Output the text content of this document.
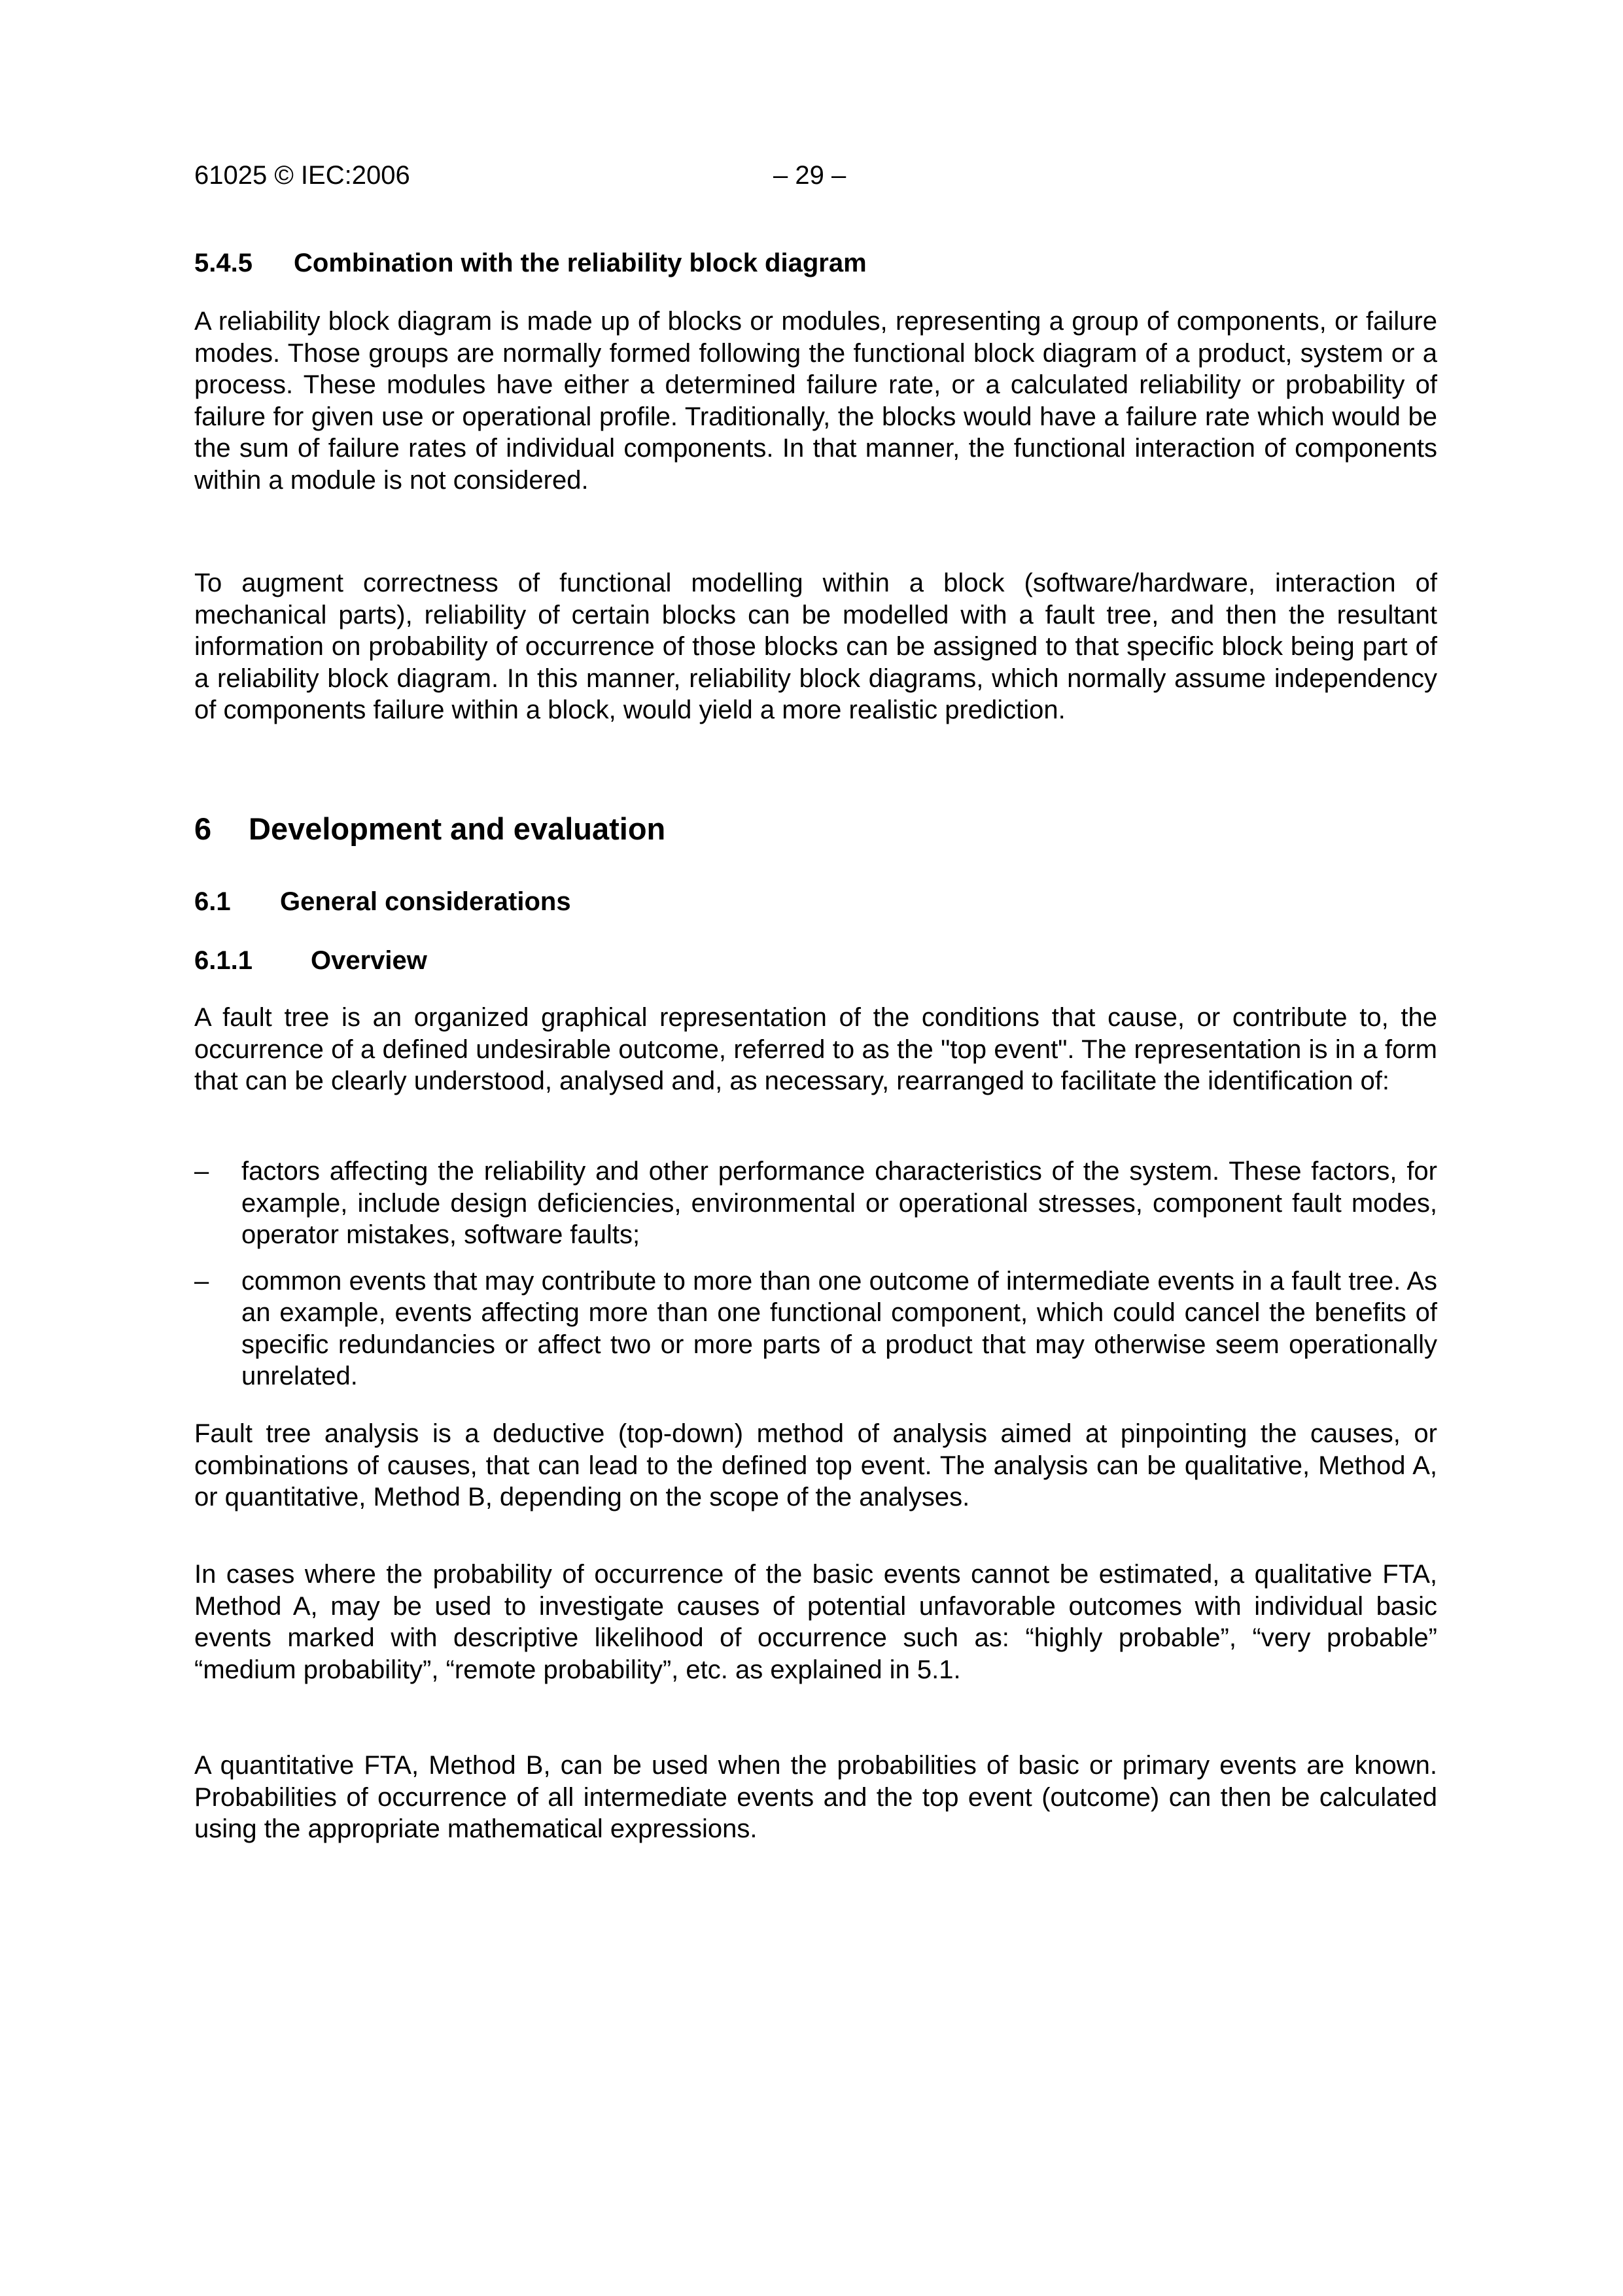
61025 © IEC:2006	– 29 –
5.4.5 Combination with the reliability block diagram

A reliability block diagram is made up of blocks or modules, representing a group of components, or failure modes. Those groups are normally formed following the functional block diagram of a product, system or a process. These modules have either a determined failure rate, or a calculated reliability or probability of failure for given use or operational profile. Traditionally, the blocks would have a failure rate which would be the sum of failure rates of individual components. In that manner, the functional interaction of components within a module is not considered.

To augment correctness of functional modelling within a block (software/hardware, interaction of mechanical parts), reliability of certain blocks can be modelled with a fault tree, and then the resultant information on probability of occurrence of those blocks can be assigned to that specific block being part of a reliability block diagram. In this manner, reliability block diagrams, which normally assume independency of components failure within a block, would yield a more realistic prediction.

6 Development and evaluation
6.1 General considerations
6.1.1 Overview

A fault tree is an organized graphical representation of the conditions that cause, or contribute to, the occurrence of a defined undesirable outcome, referred to as the "top event". The representation is in a form that can be clearly understood, analysed and, as necessary, rearranged to facilitate the identification of:

– factors affecting the reliability and other performance characteristics of the system. These factors, for example, include design deficiencies, environmental or operational stresses, component fault modes, operator mistakes, software faults;
– common events that may contribute to more than one outcome of intermediate events in a fault tree. As an example, events affecting more than one functional component, which could cancel the benefits of specific redundancies or affect two or more parts of a product that may otherwise seem operationally unrelated.

Fault tree analysis is a deductive (top-down) method of analysis aimed at pinpointing the causes, or combinations of causes, that can lead to the defined top event. The analysis can be qualitative, Method A, or quantitative, Method B, depending on the scope of the analyses.

In cases where the probability of occurrence of the basic events cannot be estimated, a qualitative FTA, Method A, may be used to investigate causes of potential unfavorable outcomes with individual basic events marked with descriptive likelihood of occurrence such as: “highly probable”, “very probable” “medium probability”, “remote probability”, etc. as explained in 5.1.

A quantitative FTA, Method B, can be used when the probabilities of basic or primary events are known. Probabilities of occurrence of all intermediate events and the top event (outcome) can then be calculated using the appropriate mathematical expressions.
